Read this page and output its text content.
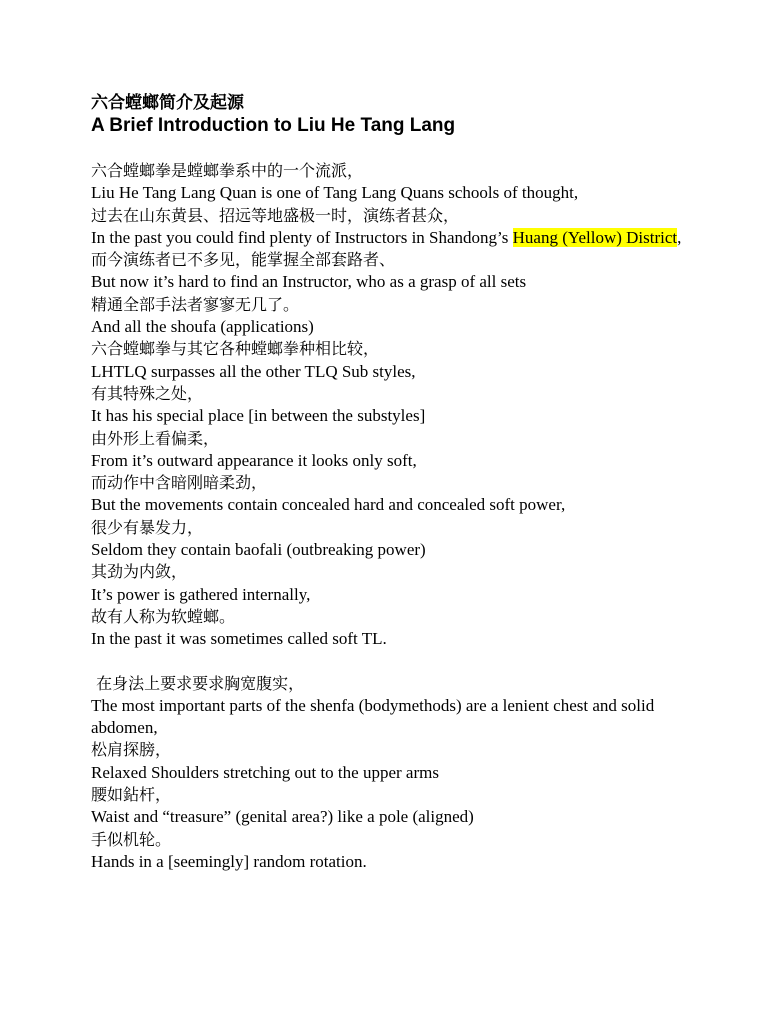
六合螳螂简介及起源

A Brief Introduction to Liu He Tang Lang

六合螳螂拳是螳螂拳系中的一个流派，

Liu He Tang Lang Quan is one of Tang Lang Quans schools of thought,

过去在山东黄县、招远等地盛极一时，演练者甚众，

In the past you could find plenty of Instructors in Shandong’s Huang (Yellow) District,

而今演练者已不多见，能掌握全部套路者、

But now it’s hard to find an Instructor, who as a grasp of all sets

精通全部手法者寥寥无几了。

And all the shoufa (applications)

六合螳螂拳与其它各种螳螂拳种相比较，

LHTLQ surpasses all the other TLQ Sub styles,

有其特殊之处，

It has his special place [in between the substyles]

由外形上看偏柔，

From it’s outward appearance it looks only soft,

而动作中含暗刚暗柔劲，

But the movements contain concealed hard and concealed soft power,

很少有暴发力，

Seldom they contain baofali (outbreaking power)

其劲为内敛，

It’s power is gathered internally,

故有人称为软螳螂。

In the past it was sometimes called soft TL.

在身法上要求要求胸宽腹实，

The most important parts of the shenfa (bodymethods) are a lenient chest and solid abdomen,

松肩探膀，

Relaxed Shoulders stretching out to the upper arms

腰如鉆杆，

Waist and “treasure” (genital area?) like a pole (aligned)

手似机轮。

Hands in a [seemingly] random rotation.
